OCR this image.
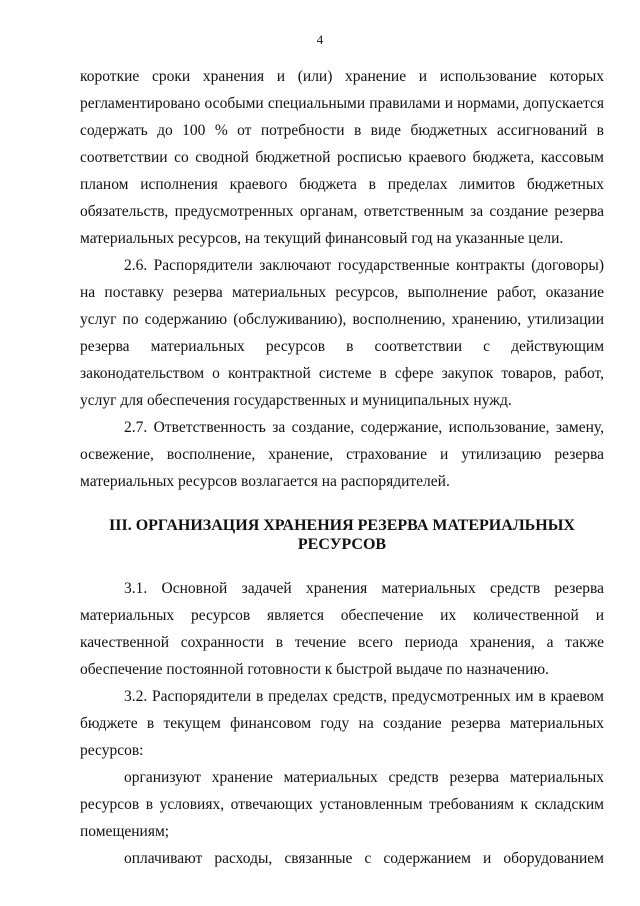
4

короткие сроки хранения и (или) хранение и использование которых регламентировано особыми специальными правилами и нормами, допускается содержать до 100 % от потребности в виде бюджетных ассигнований в соответствии со сводной бюджетной росписью краевого бюджета, кассовым планом исполнения краевого бюджета в пределах лимитов бюджетных обязательств, предусмотренных органам, ответственным за создание резерва материальных ресурсов, на текущий финансовый год на указанные цели.

2.6. Распорядители заключают государственные контракты (договоры) на поставку резерва материальных ресурсов, выполнение работ, оказание услуг по содержанию (обслуживанию), восполнению, хранению, утилизации резерва материальных ресурсов в соответствии с действующим законодательством о контрактной системе в сфере закупок товаров, работ, услуг для обеспечения государственных и муниципальных нужд.

2.7. Ответственность за создание, содержание, использование, замену, освежение, восполнение, хранение, страхование и утилизацию резерва материальных ресурсов возлагается на распорядителей.

III. ОРГАНИЗАЦИЯ ХРАНЕНИЯ РЕЗЕРВА МАТЕРИАЛЬНЫХ
РЕСУРСОВ

3.1. Основной задачей хранения материальных средств резерва материальных ресурсов является обеспечение их количественной и качественной сохранности в течение всего периода хранения, а также обеспечение постоянной готовности к быстрой выдаче по назначению.

3.2. Распорядители в пределах средств, предусмотренных им в краевом бюджете в текущем финансовом году на создание резерва материальных ресурсов:

организуют хранение материальных средств резерва материальных ресурсов в условиях, отвечающих установленным требованиям к складским помещениям;

оплачивают расходы, связанные с содержанием и оборудованием
